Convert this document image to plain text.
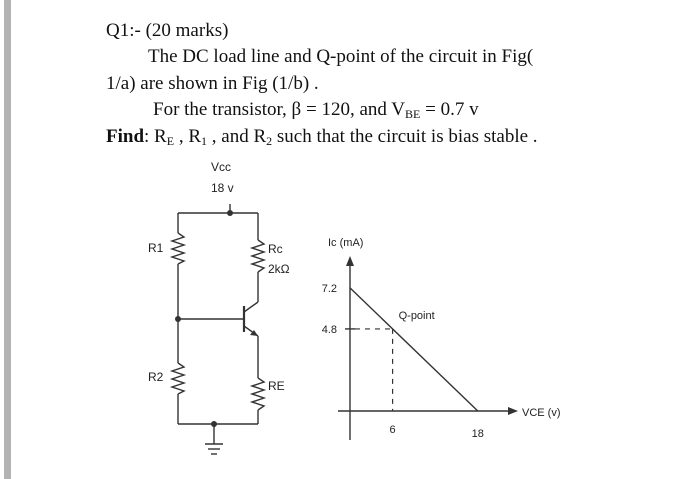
Q1:- (20 marks)
The DC load line and Q-point of the circuit in Fig(
1/a) are shown in Fig (1/b) .
For the transistor, β = 120, and $V_{BE} = 0.7$ v
Find: $R_E$ , $R_1$ , and $R_2$ such that the circuit is bias stable .
Vcc
18 v
R1
R2
Rc
2kΩ
RE
Ic (mA)
VCE (v)
7.2
4.8
6	18
Q-point
